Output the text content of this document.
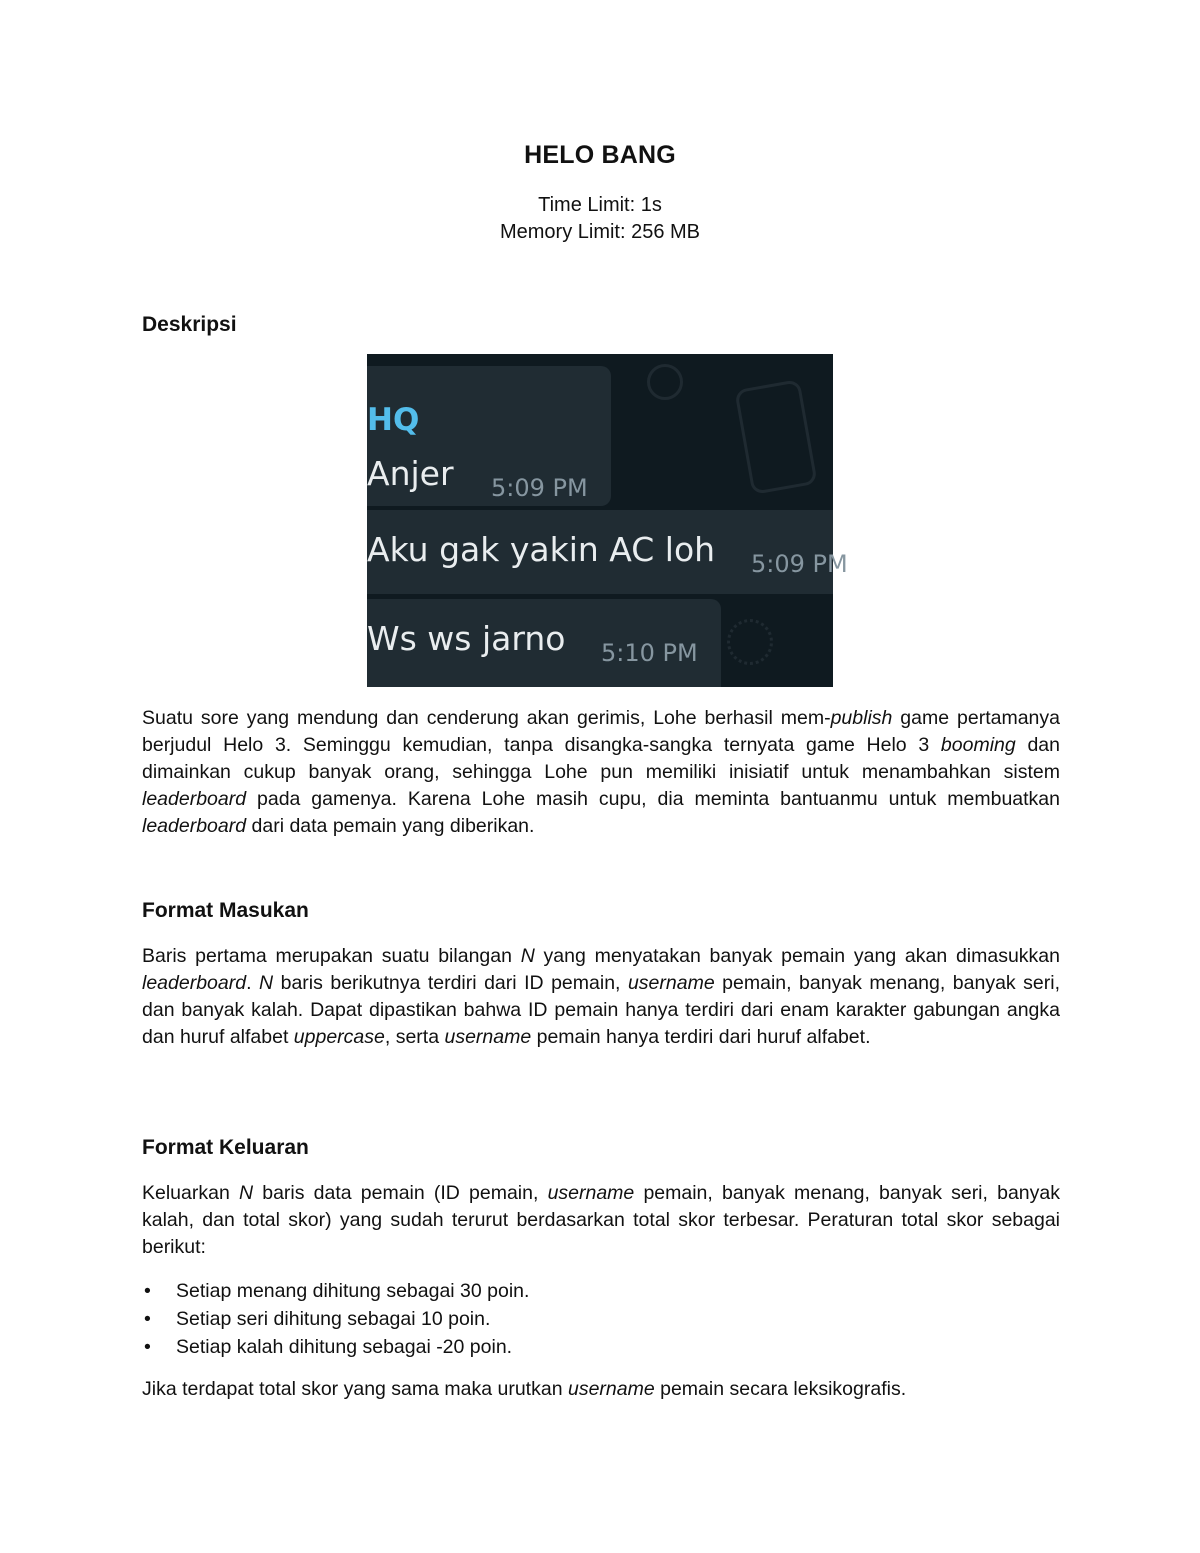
HELO BANG
Time Limit: 1s
Memory Limit: 256 MB
Deskripsi
HQ
Anjer 5:09 PM
Aku gak yakin AC loh 5:09 PM
Ws ws jarno 5:10 PM

Suatu sore yang mendung dan cenderung akan gerimis, Lohe berhasil mem-publish game pertamanya berjudul Helo 3. Seminggu kemudian, tanpa disangka-sangka ternyata game Helo 3 booming dan dimainkan cukup banyak orang, sehingga Lohe pun memiliki inisiatif untuk menambahkan sistem leaderboard pada gamenya. Karena Lohe masih cupu, dia meminta bantuanmu untuk membuatkan leaderboard dari data pemain yang diberikan.

Format Masukan

Baris pertama merupakan suatu bilangan N yang menyatakan banyak pemain yang akan dimasukkan leaderboard. N baris berikutnya terdiri dari ID pemain, username pemain, banyak menang, banyak seri, dan banyak kalah. Dapat dipastikan bahwa ID pemain hanya terdiri dari enam karakter gabungan angka dan huruf alfabet uppercase, serta username pemain hanya terdiri dari huruf alfabet.

Format Keluaran

Keluarkan N baris data pemain (ID pemain, username pemain, banyak menang, banyak seri, banyak kalah, dan total skor) yang sudah terurut berdasarkan total skor terbesar. Peraturan total skor sebagai berikut:

• Setiap menang dihitung sebagai 30 poin.
• Setiap seri dihitung sebagai 10 poin.
• Setiap kalah dihitung sebagai -20 poin.

Jika terdapat total skor yang sama maka urutkan username pemain secara leksikografis.
